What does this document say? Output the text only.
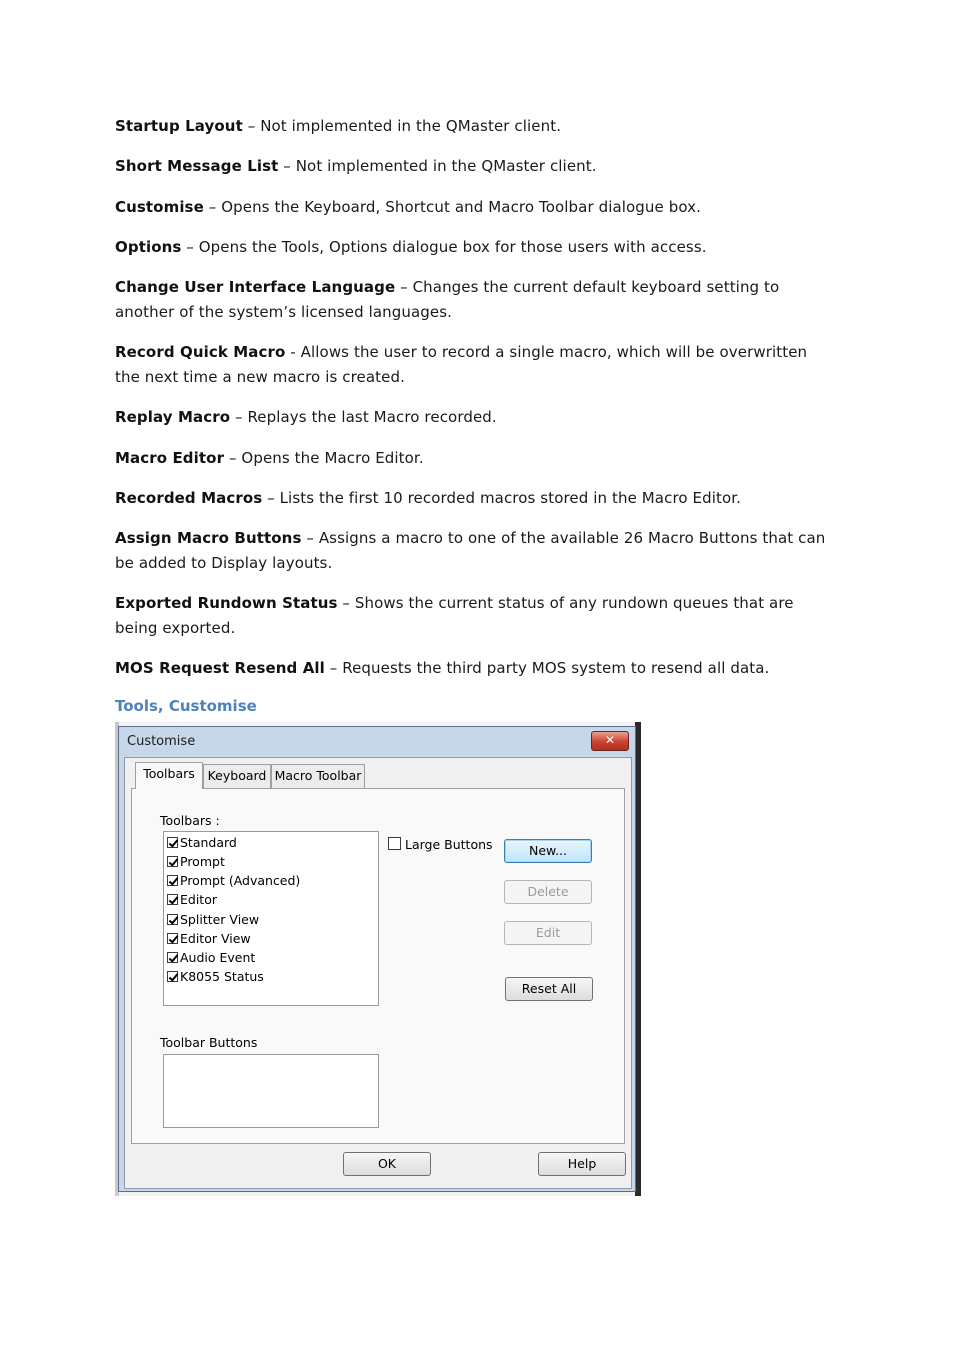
Startup Layout – Not implemented in the QMaster client.

Short Message List – Not implemented in the QMaster client.

Customise – Opens the Keyboard, Shortcut and Macro Toolbar dialogue box.

Options – Opens the Tools, Options dialogue box for those users with access.

Change User Interface Language – Changes the current default keyboard setting to another of the system’s licensed languages.

Record Quick Macro - Allows the user to record a single macro, which will be overwritten the next time a new macro is created.

Replay Macro – Replays the last Macro recorded.

Macro Editor – Opens the Macro Editor.

Recorded Macros – Lists the first 10 recorded macros stored in the Macro Editor.

Assign Macro Buttons – Assigns a macro to one of the available 26 Macro Buttons that can be added to Display layouts.

Exported Rundown Status – Shows the current status of any rundown queues that are being exported.

MOS Request Resend All – Requests the third party MOS system to resend all data.

Tools, Customise
Customise	✕
Toolbars	Keyboard Macro Toolbar
Toolbars :
Standard
Prompt
Prompt (Advanced)
Editor
Splitter View
Editor View
Audio Event
K8055 Status
Large Buttons	New...
Delete
Edit
Reset All
Toolbar Buttons
OK	Help
